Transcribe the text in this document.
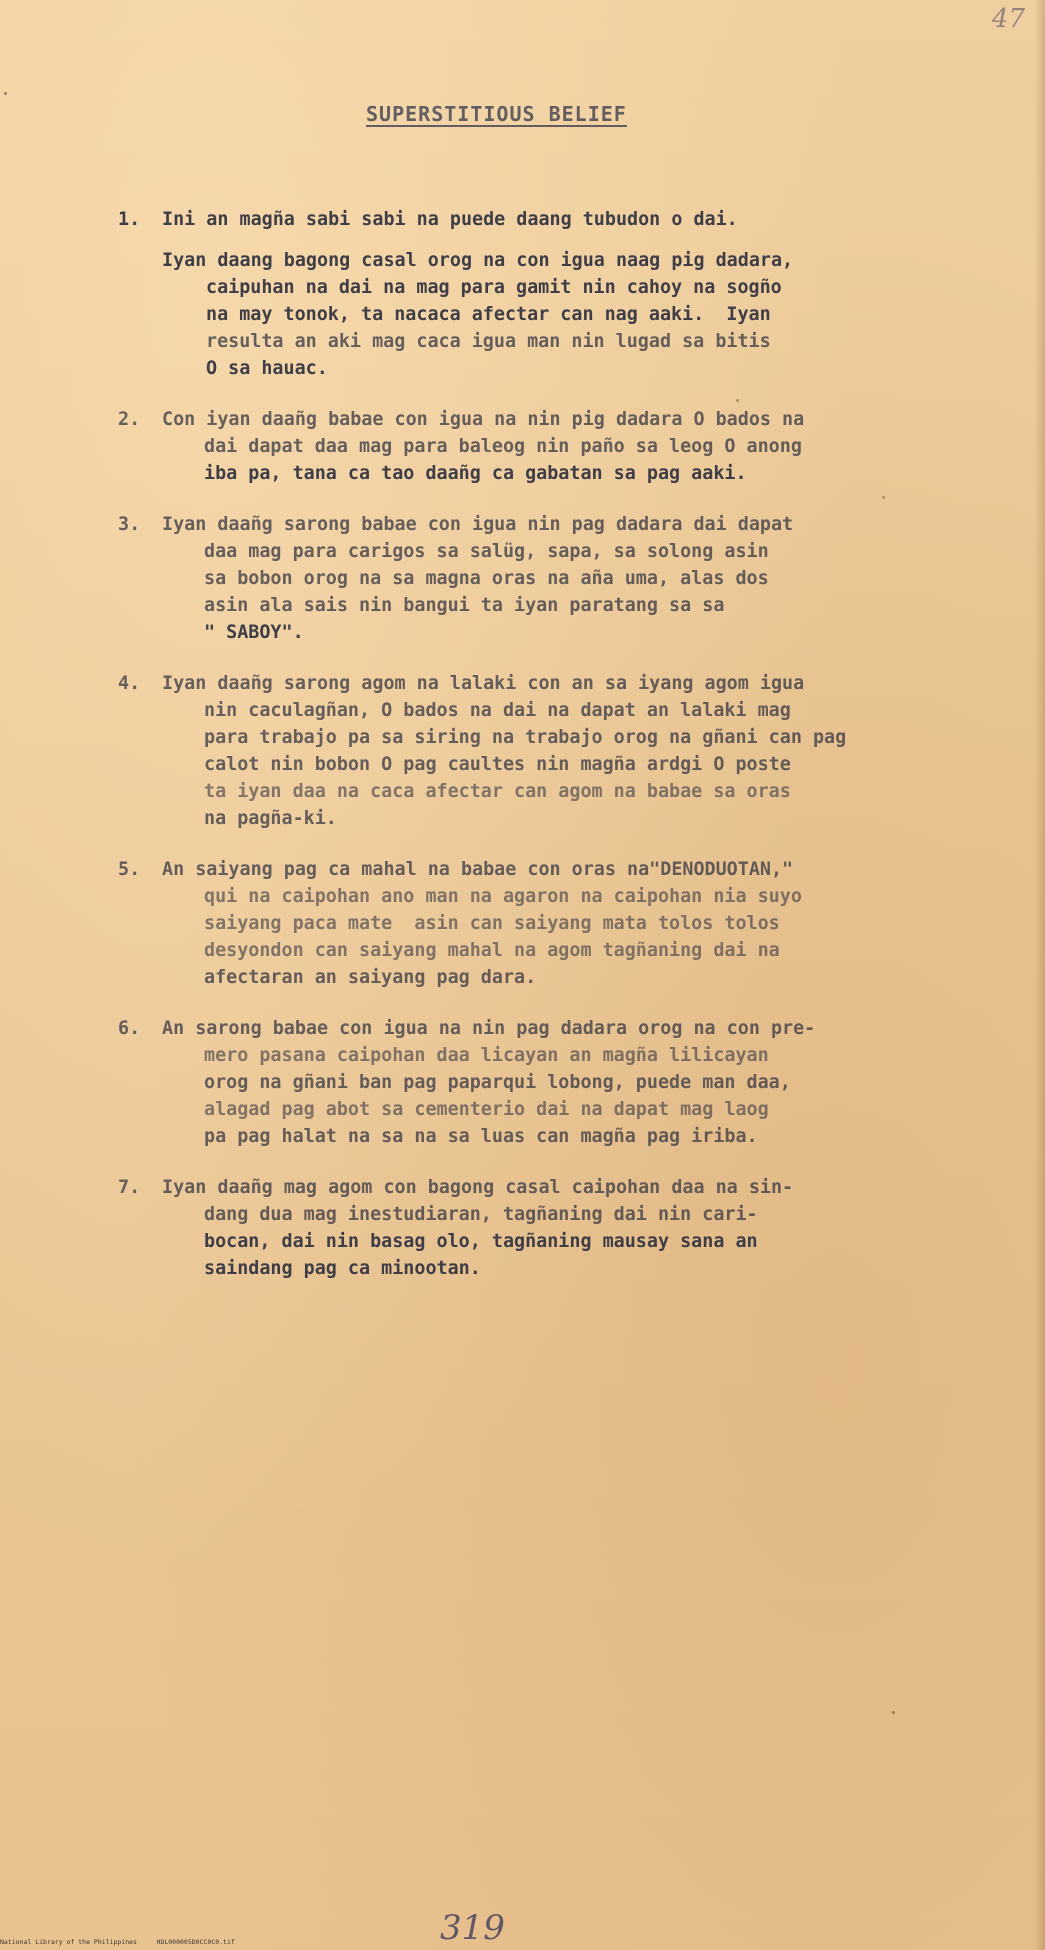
47
SUPERSTITIOUS BELIEF
1. Ini an magña sabi sabi na puede daang tubudon o dai.
Iyan daang bagong casal orog na con igua naag pig dadara,
caipuhan na dai na mag para gamit nin cahoy na sogño
na may tonok, ta nacaca afectar can nag aaki.  Iyan
resulta an aki mag caca igua man nin lugad sa bitis
O sa hauac.
2. Con iyan daañg babae con igua na nin pig dadara O bados na
dai dapat daa mag para baleog nin paño sa leog O anong
iba pa, tana ca tao daañg ca gabatan sa pag aaki.
3. Iyan daañg sarong babae con igua nin pag dadara dai dapat
daa mag para carigos sa salüg, sapa, sa solong asin
sa bobon orog na sa magna oras na aña uma, alas dos
asin ala sais nin bangui ta iyan paratang sa sa
" SABOY".
4. Iyan daañg sarong agom na lalaki con an sa iyang agom igua
nin caculagñan, O bados na dai na dapat an lalaki mag
para trabajo pa sa siring na trabajo orog na gñani can pag
calot nin bobon O pag caultes nin magña ardgi O poste
ta iyan daa na caca afectar can agom na babae sa oras
na pagña-ki.
5. An saiyang pag ca mahal na babae con oras na"DENODUOTAN,"
qui na caipohan ano man na agaron na caipohan nia suyo
saiyang paca mate  asin can saiyang mata tolos tolos
desyondon can saiyang mahal na agom tagñaning dai na
afectaran an saiyang pag dara.
6. An sarong babae con igua na nin pag dadara orog na con pre-
mero pasana caipohan daa licayan an magña lilicayan
orog na gñani ban pag paparqui lobong, puede man daa,
alagad pag abot sa cementerio dai na dapat mag laog
pa pag halat na sa na sa luas can magña pag iriba.
7. Iyan daañg mag agom con bagong casal caipohan daa na sin-
dang dua mag inestudiaran, tagñaning dai nin cari-
bocan, dai nin basag olo, tagñaning mausay sana an
saindang pag ca minootan.
319
National Library of the Philippines     HDL000005D0CC0C0.tif
